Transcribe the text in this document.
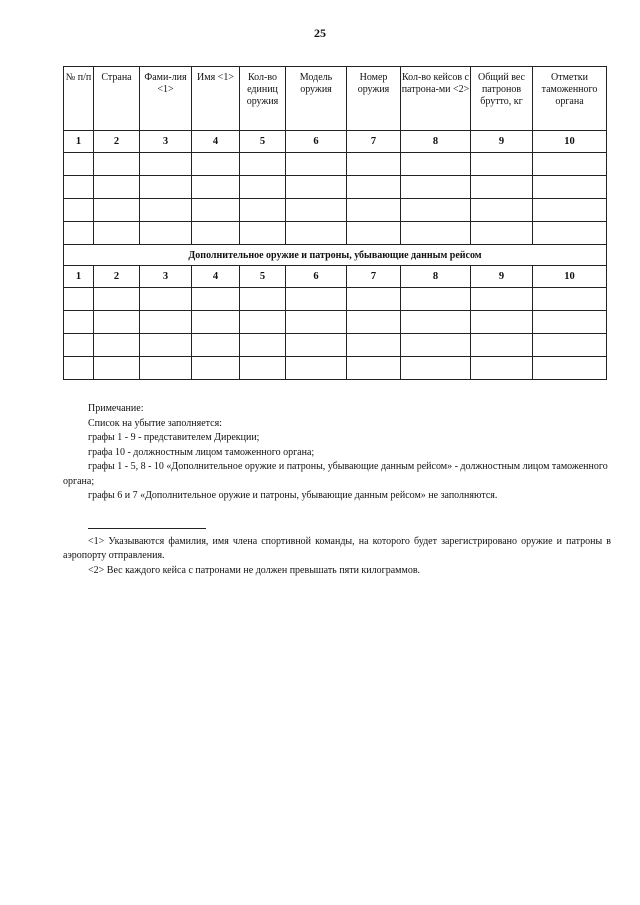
25
№ п/п	Страна	Фами-лия <1>	Имя <1>	Кол-во единиц оружия	Модель оружия	Номер оружия	Кол-во кейсов с патрона-ми <2>	Общий вес патронов брутто, кг	Отметки таможенного органа
1	2	3	4	5	6	7	8	9	10

Дополнительное оружие и патроны, убывающие данным рейсом									
1	2	3	4	5	6	7	8	9	10

Примечание:

Список на убытие заполняется:

графы 1 - 9 - представителем Дирекции;

графа 10 - должностным лицом таможенного органа;

графы 1 - 5, 8 - 10 «Дополнительное оружие и патроны, убывающие данным рейсом» - должностным лицом таможенного органа;

графы 6 и 7 «Дополнительное оружие и патроны, убывающие данным рейсом» не заполняются.

<1> Указываются фамилия, имя члена спортивной команды, на которого будет зарегистрировано оружие и патроны в аэропорту отправления.

<2> Вес каждого кейса с патронами не должен превышать пяти килограммов.
